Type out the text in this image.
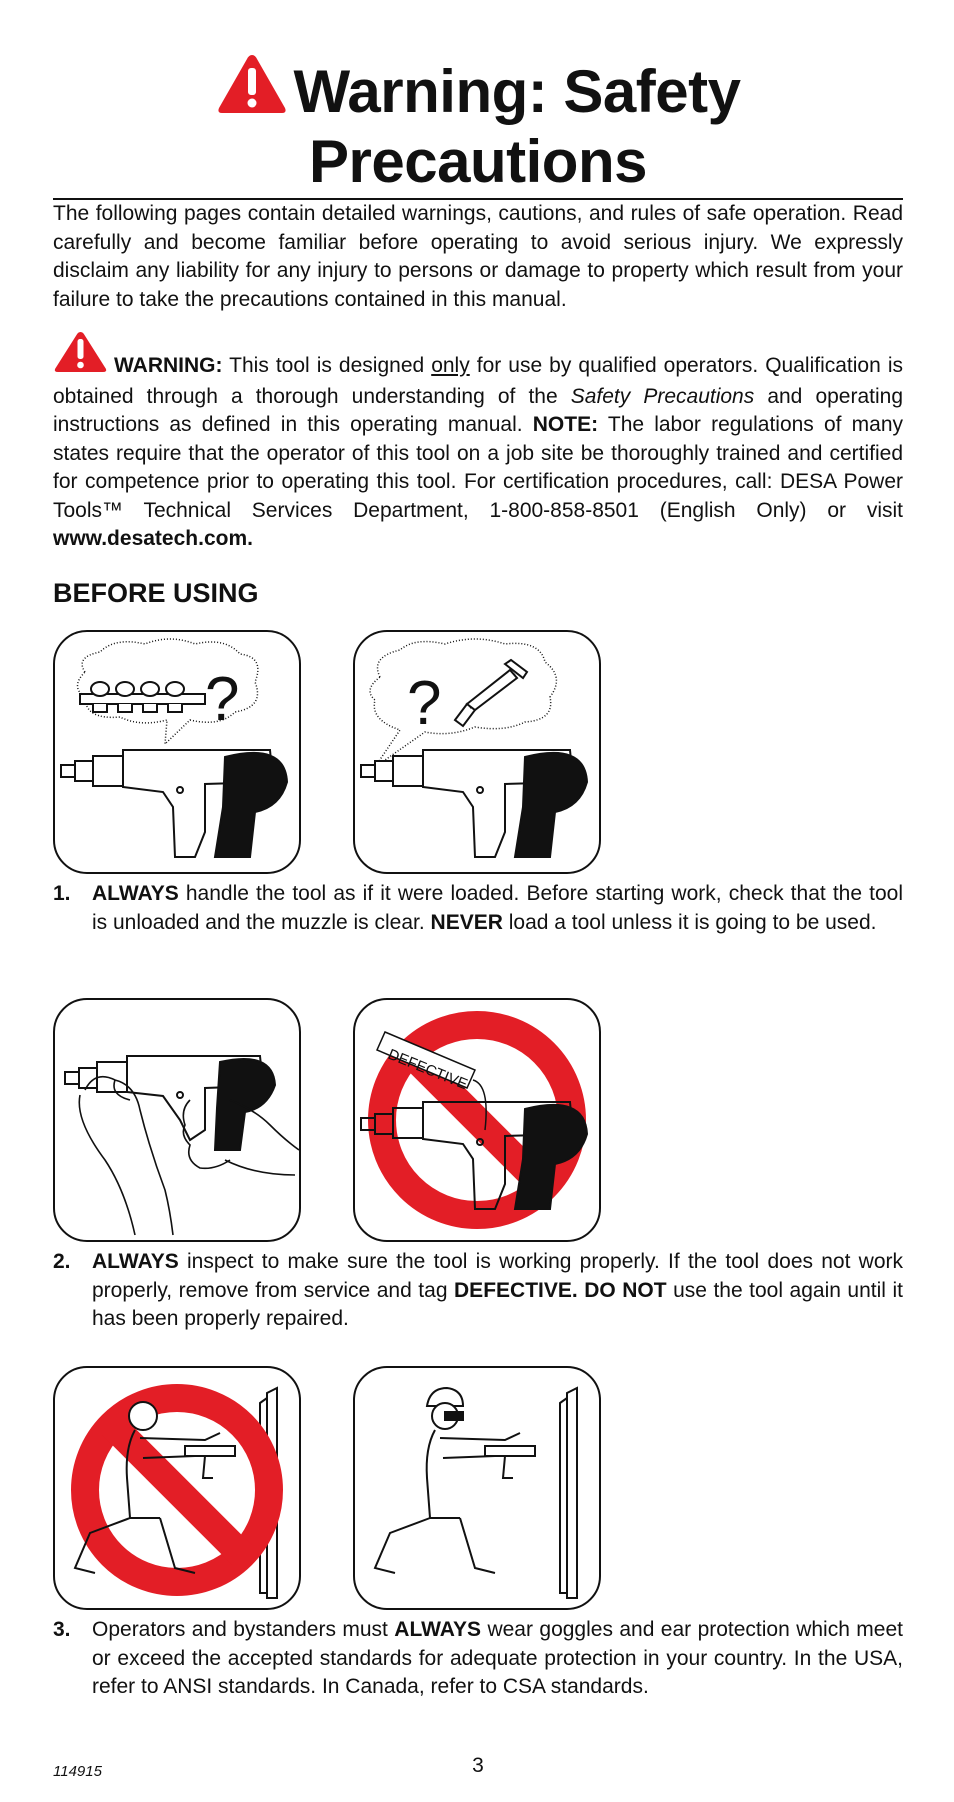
Warning: Safety
Precautions

The following pages contain detailed warnings, cautions, and rules of safe operation. Read carefully and become familiar before operating to avoid serious injury. We expressly disclaim any liability for any injury to persons or damage to property which result from your failure to take the precautions contained in this manual.

WARNING: This tool is designed only for use by qualified operators. Qualification is obtained through a thorough understanding of the Safety Precautions and operating instructions as defined in this operating manual. NOTE: The labor regulations of many states require that the operator of this tool on a job site be thoroughly trained and certified for competence prior to operating this tool. For certification procedures, call: DESA Power Tools™ Technical Services Department, 1-800-858-8501 (English Only) or visit www.desatech.com.

BEFORE USING
?	?
1. ALWAYS handle the tool as if it were loaded. Before starting work, check that the tool is unloaded and the muzzle is clear. NEVER load a tool unless it is going to be used.

DEFECTIVE
2. ALWAYS inspect to make sure the tool is working properly. If the tool does not work properly, remove from service and tag DEFECTIVE. DO NOT use the tool again until it has been properly repaired.

3. Operators and bystanders must ALWAYS wear goggles and ear protection which meet or exceed the accepted standards for adequate protection in your country. In the USA, refer to ANSI standards. In Canada, refer to CSA standards.

114915	3
